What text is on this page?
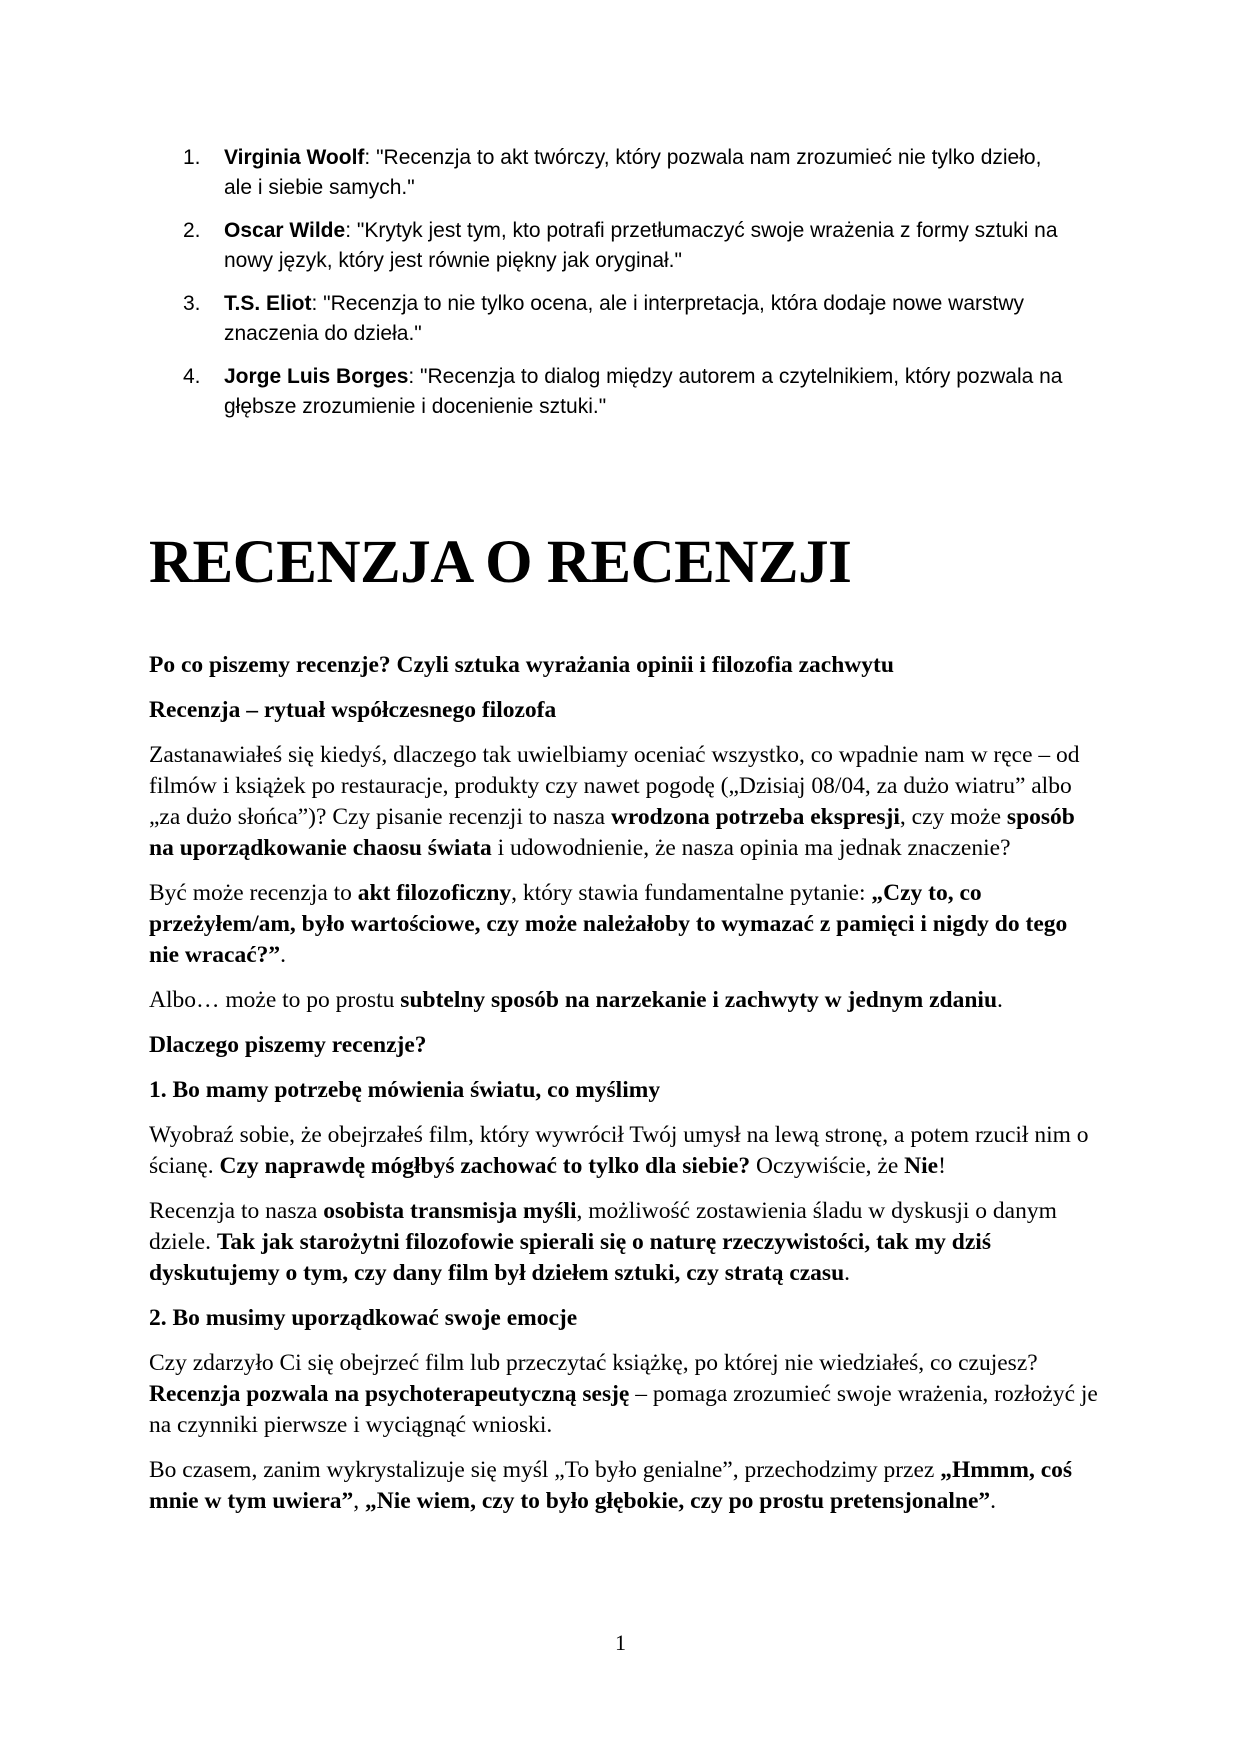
1. Virginia Woolf: "Recenzja to akt twórczy, który pozwala nam zrozumieć nie tylko dzieło, ale i siebie samych."
2. Oscar Wilde: "Krytyk jest tym, kto potrafi przetłumaczyć swoje wrażenia z formy sztuki na nowy język, który jest równie piękny jak oryginał."
3. T.S. Eliot: "Recenzja to nie tylko ocena, ale i interpretacja, która dodaje nowe warstwy znaczenia do dzieła."
4. Jorge Luis Borges: "Recenzja to dialog między autorem a czytelnikiem, który pozwala na głębsze zrozumienie i docenienie sztuki."
RECENZJA O RECENZJI
Po co piszemy recenzje? Czyli sztuka wyrażania opinii i filozofia zachwytu
Recenzja – rytuał współczesnego filozofa

Zastanawiałeś się kiedyś, dlaczego tak uwielbiamy oceniać wszystko, co wpadnie nam w ręce – od filmów i książek po restauracje, produkty czy nawet pogodę („Dzisiaj 08/04, za dużo wiatru” albo „za dużo słońca”)? Czy pisanie recenzji to nasza wrodzona potrzeba ekspresji, czy może sposób na uporządkowanie chaosu świata i udowodnienie, że nasza opinia ma jednak znaczenie?

Być może recenzja to akt filozoficzny, który stawia fundamentalne pytanie: „Czy to, co przeżyłem/am, było wartościowe, czy może należałoby to wymazać z pamięci i nigdy do tego nie wracać?”.

Albo… może to po prostu subtelny sposób na narzekanie i zachwyty w jednym zdaniu.

Dlaczego piszemy recenzje?
1. Bo mamy potrzebę mówienia światu, co myślimy

Wyobraź sobie, że obejrzałeś film, który wywrócił Twój umysł na lewą stronę, a potem rzucił nim o ścianę. Czy naprawdę mógłbyś zachować to tylko dla siebie? Oczywiście, że Nie!

Recenzja to nasza osobista transmisja myśli, możliwość zostawienia śladu w dyskusji o danym dziele. Tak jak starożytni filozofowie spierali się o naturę rzeczywistości, tak my dziś dyskutujemy o tym, czy dany film był dziełem sztuki, czy stratą czasu.

2. Bo musimy uporządkować swoje emocje

Czy zdarzyło Ci się obejrzeć film lub przeczytać książkę, po której nie wiedziałeś, co czujesz? Recenzja pozwala na psychoterapeutyczną sesję – pomaga zrozumieć swoje wrażenia, rozłożyć je na czynniki pierwsze i wyciągnąć wnioski.

Bo czasem, zanim wykrystalizuje się myśl „To było genialne”, przechodzimy przez „Hmmm, coś mnie w tym uwiera”, „Nie wiem, czy to było głębokie, czy po prostu pretensjonalne”.

1
